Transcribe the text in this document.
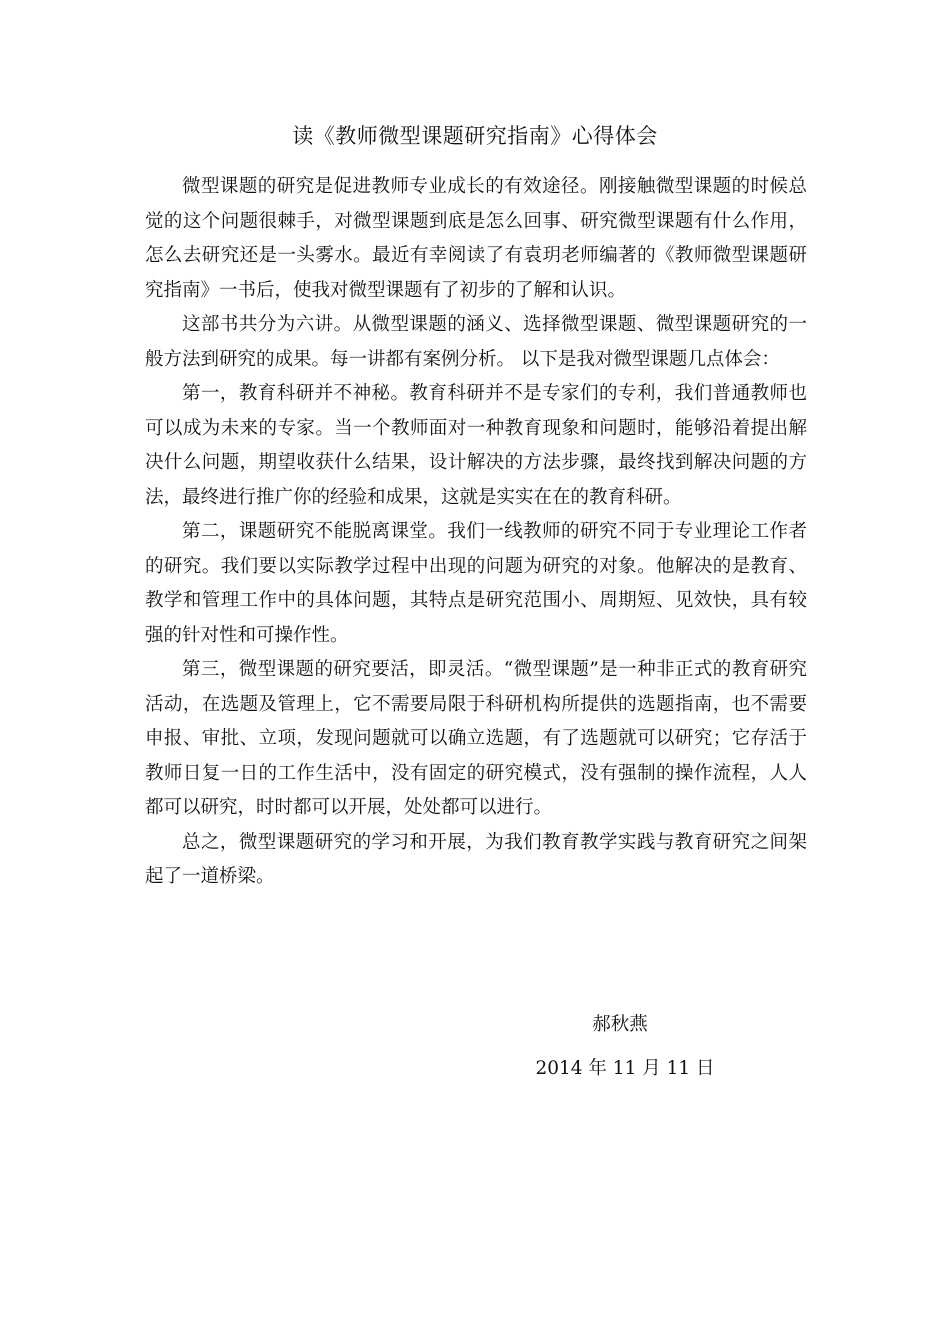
读《教师微型课题研究指南》心得体会

微型课题的研究是促进教师专业成长的有效途径。刚接触微型课题的时候总觉的这个问题很棘手，对微型课题到底是怎么回事、研究微型课题有什么作用，怎么去研究还是一头雾水。最近有幸阅读了有袁玥老师编著的《教师微型课题研究指南》一书后，使我对微型课题有了初步的了解和认识。

这部书共分为六讲。从微型课题的涵义、选择微型课题、微型课题研究的一般方法到研究的成果。每一讲都有案例分析。 以下是我对微型课题几点体会：

第一，教育科研并不神秘。教育科研并不是专家们的专利，我们普通教师也可以成为未来的专家。当一个教师面对一种教育现象和问题时，能够沿着提出解决什么问题，期望收获什么结果，设计解决的方法步骤，最终找到解决问题的方法，最终进行推广你的经验和成果，这就是实实在在的教育科研。

第二，课题研究不能脱离课堂。我们一线教师的研究不同于专业理论工作者的研究。我们要以实际教学过程中出现的问题为研究的对象。他解决的是教育、教学和管理工作中的具体问题，其特点是研究范围小、周期短、见效快，具有较强的针对性和可操作性。

第三，微型课题的研究要活，即灵活。“微型课题”是一种非正式的教育研究活动，在选题及管理上，它不需要局限于科研机构所提供的选题指南，也不需要申报、审批、立项，发现问题就可以确立选题，有了选题就可以研究；它存活于教师日复一日的工作生活中，没有固定的研究模式，没有强制的操作流程，人人都可以研究，时时都可以开展，处处都可以进行。

总之，微型课题研究的学习和开展，为我们教育教学实践与教育研究之间架起了一道桥梁。

郝秋燕
2014 年 11 月 11 日
